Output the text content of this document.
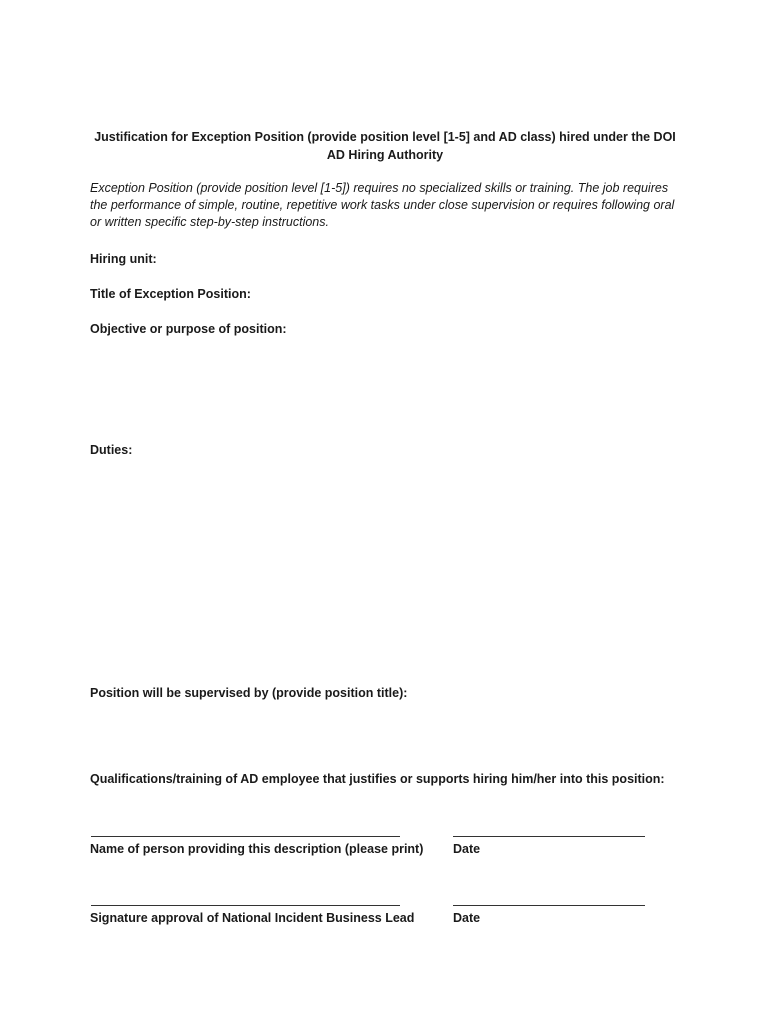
Justification for Exception Position (provide position level [1-5] and AD class) hired under the DOI AD Hiring Authority
Exception Position (provide position level [1-5]) requires no specialized skills or training. The job requires the performance of simple, routine, repetitive work tasks under close supervision or requires following oral or written specific step-by-step instructions.
Hiring unit:
Title of Exception Position:
Objective or purpose of position:
Duties:
Position will be supervised by (provide position title):
Qualifications/training of AD employee that justifies or supports hiring him/her into this position:
Name of person providing this description (please print) Date
Signature approval of National Incident Business Lead	Date
